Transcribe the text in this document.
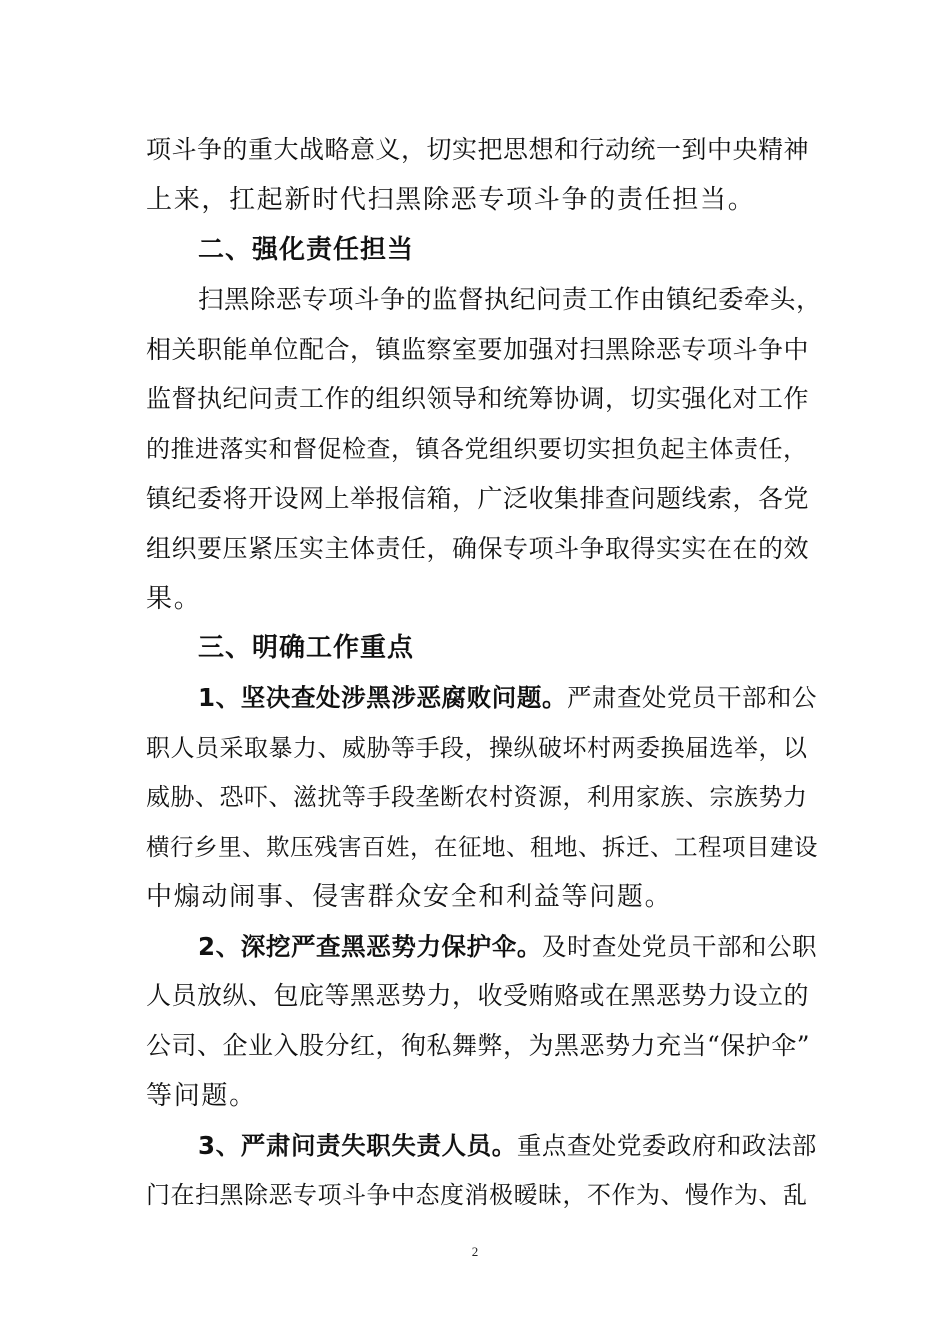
项斗争的重大战略意义，切实把思想和行动统一到中央精神
上来，扛起新时代扫黑除恶专项斗争的责任担当。
二、强化责任担当
扫黑除恶专项斗争的监督执纪问责工作由镇纪委牵头，
相关职能单位配合，镇监察室要加强对扫黑除恶专项斗争中
监督执纪问责工作的组织领导和统筹协调，切实强化对工作
的推进落实和督促检查，镇各党组织要切实担负起主体责任，
镇纪委将开设网上举报信箱，广泛收集排查问题线索，各党
组织要压紧压实主体责任，确保专项斗争取得实实在在的效
果。
三、明确工作重点
1、坚决查处涉黑涉恶腐败问题。严肃查处党员干部和公
职人员采取暴力、威胁等手段，操纵破坏村两委换届选举，以
威胁、恐吓、滋扰等手段垄断农村资源，利用家族、宗族势力
横行乡里、欺压残害百姓，在征地、租地、拆迁、工程项目建设
中煽动闹事、侵害群众安全和利益等问题。
2、深挖严查黑恶势力保护伞。及时查处党员干部和公职
人员放纵、包庇等黑恶势力，收受贿赂或在黑恶势力设立的
公司、企业入股分红，徇私舞弊，为黑恶势力充当“保护伞”
等问题。
3、严肃问责失职失责人员。重点查处党委政府和政法部
门在扫黑除恶专项斗争中态度消极暧昧，不作为、慢作为、乱
2
